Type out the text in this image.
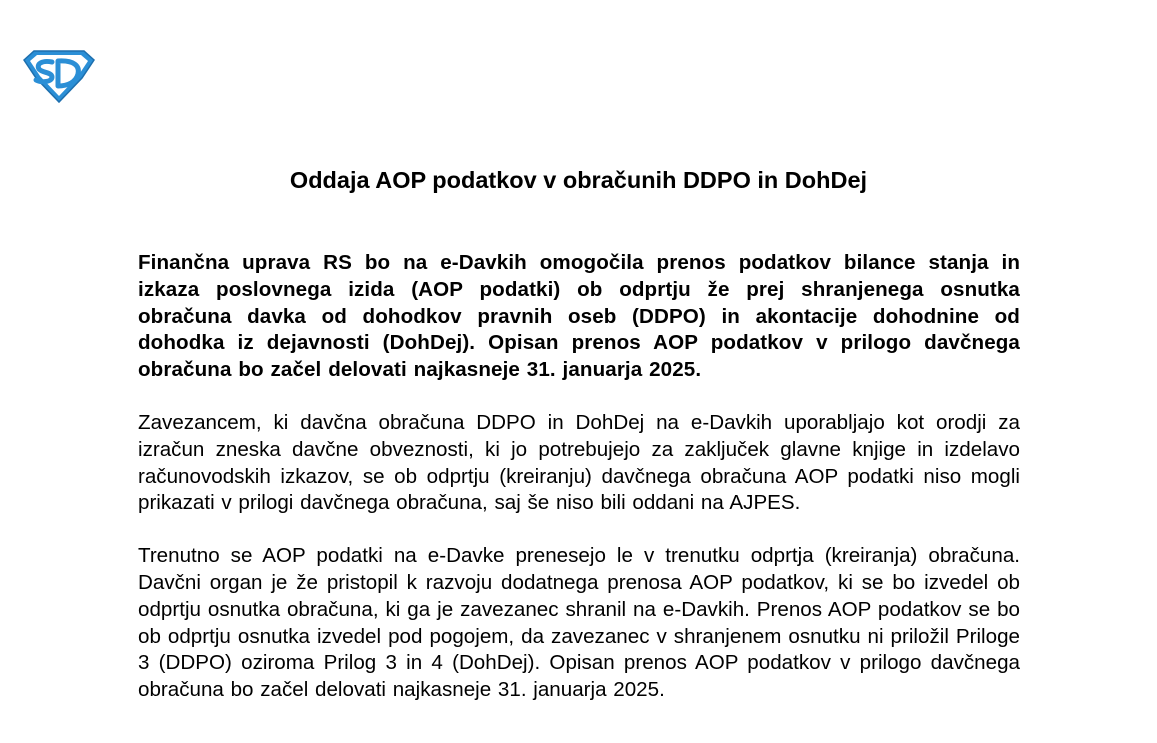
Oddaja AOP podatkov v obračunih DDPO in DohDej

Finančna uprava RS bo na e-Davkih omogočila prenos podatkov bilance stanja in izkaza poslovnega izida (AOP podatki) ob odprtju že prej shranjenega osnutka obračuna davka od dohodkov pravnih oseb (DDPO) in akontacije dohodnine od dohodka iz dejavnosti (DohDej). Opisan prenos AOP podatkov v prilogo davčnega obračuna bo začel delovati najkasneje 31. januarja 2025.

Zavezancem, ki davčna obračuna DDPO in DohDej na e-Davkih uporabljajo kot orodji za izračun zneska davčne obveznosti, ki jo potrebujejo za zaključek glavne knjige in izdelavo računovodskih izkazov, se ob odprtju (kreiranju) davčnega obračuna AOP podatki niso mogli prikazati v prilogi davčnega obračuna, saj še niso bili oddani na AJPES.

Trenutno se AOP podatki na e-Davke prenesejo le v trenutku odprtja (kreiranja) obračuna. Davčni organ je že pristopil k razvoju dodatnega prenosa AOP podatkov, ki se bo izvedel ob odprtju osnutka obračuna, ki ga je zavezanec shranil na e-Davkih. Prenos AOP podatkov se bo ob odprtju osnutka izvedel pod pogojem, da zavezanec v shranjenem osnutku ni priložil Priloge 3 (DDPO) oziroma Prilog 3 in 4 (DohDej). Opisan prenos AOP podatkov v prilogo davčnega obračuna bo začel delovati najkasneje 31. januarja 2025.
